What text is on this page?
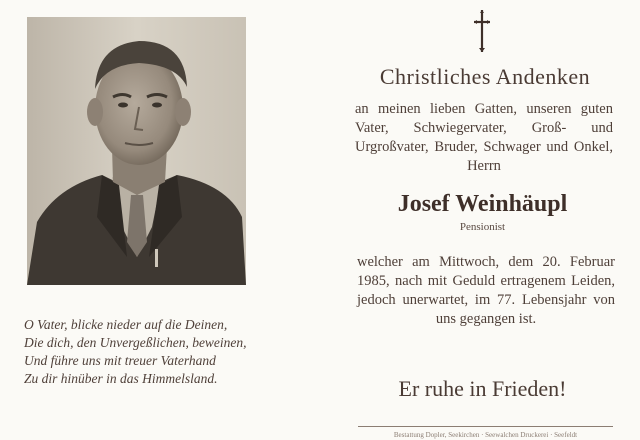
O Vater, blicke nieder auf die Deinen,
Die dich, den Unvergeßlichen, beweinen,
Und führe uns mit treuer Vaterhand
Zu dir hinüber in das Himmelsland.
Christliches Andenken
an meinen lieben Gatten, unseren guten Vater, Schwiegervater, Groß- und Urgroßvater, Bruder, Schwager und Onkel, Herrn
Josef Weinhäupl
Pensionist
welcher am Mittwoch, dem 20. Februar 1985, nach mit Geduld ertragenem Leiden, jedoch unerwartet, im 77. Lebensjahr von uns gegangen ist.
Er ruhe in Frieden!
Bestattung Dopler, Seekirchen · Seewalchen Druckerei · Seefeldt
